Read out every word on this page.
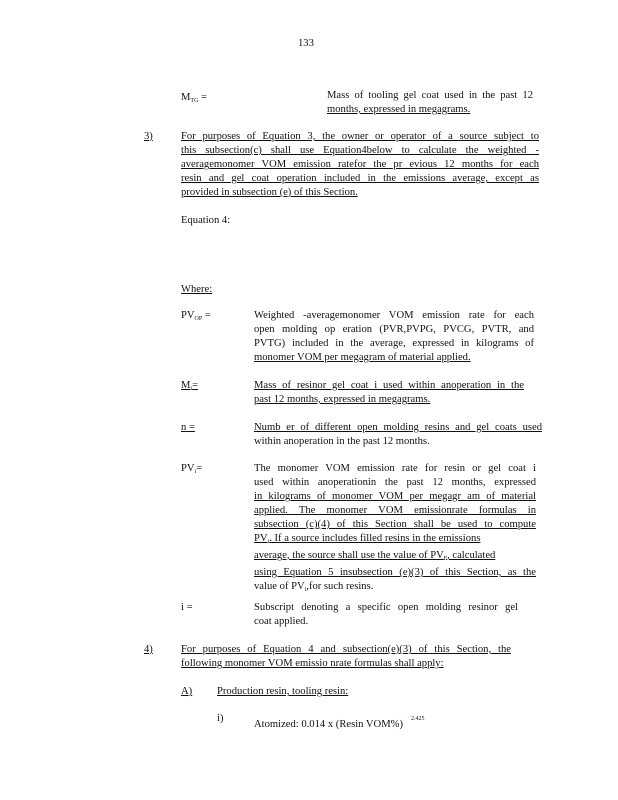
133
$M_{TG}$ =	Mass of tooling gel coat used in the past 12

months, expressed in megagrams.

3)	For purposes of Equation 3, the owner or operator of a source subject to

this subsection(c) shall use Equation4below to calculate the weighted -

averagemonomer VOM emission ratefor the pr evious 12 months for each

resin and gel coat operation included in the emissions average, except as

provided in subsection (e) of this Section.

Equation 4:
Where:
$PV_{OP}$ =	Weighted -averagemonomer VOM emission rate for each

open molding op eration (PVR,PVPG, PVCG, PVTR, and

PVTG) included in the average, expressed in kilograms of

monomer VOM per megagram of material applied.

$M_i=$	Mass of resinor gel coat i used within anoperation in the

past 12 months, expressed in megagrams.

n =	Numb er of different open molding resins and gel coats used

within anoperation in the past 12 months.

$PV_i=$	The monomer VOM emission rate for resin or gel coat i

used within anoperationin the past 12 months, expressed

in kilograms of monomer VOM per megagr am of material

applied. The monomer VOM emissionrate formulas in

subsection (c)(4) of this Section shall be used to compute

$PV_i$. If a source includes filled resins in the emissions

average, the source shall use the value of $PV_F$, calculated

using Equation 5 insubsection (e)(3) of this Section, as the

value of $PV_i,for$ such resins.

i =	Subscript denoting a specific open molding resinor gel

coat applied.

4)	For purposes of Equation 4 and subsection(e)(3) of this Section, the

following monomer VOM emissio nrate formulas shall apply:

A) Production resin, tooling resin:
i)
Atomized: 0.014 x (Resin VOM%) $^{2.425}$
